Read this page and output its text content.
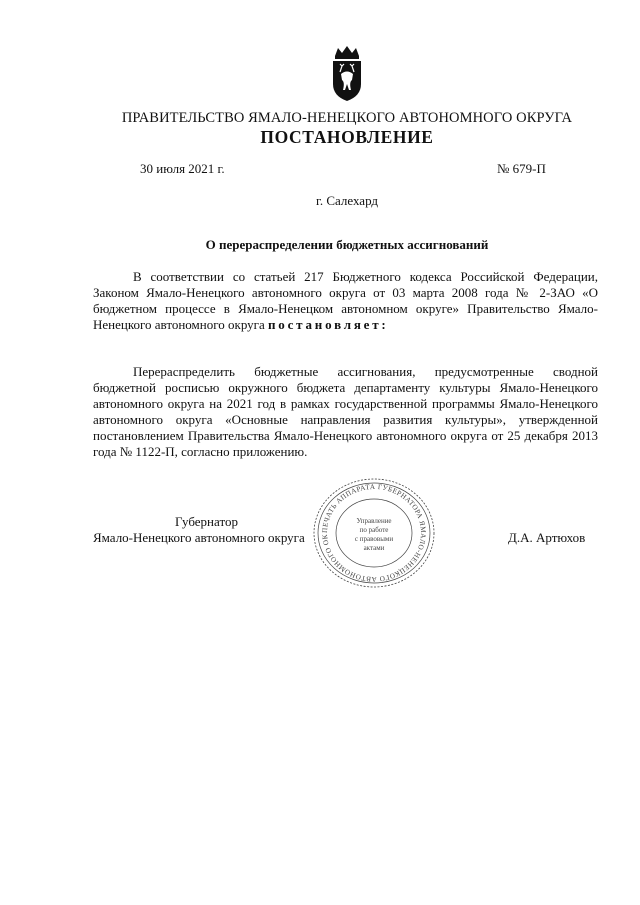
ПРАВИТЕЛЬСТВО ЯМАЛО-НЕНЕЦКОГО АВТОНОМНОГО ОКРУГА
ПОСТАНОВЛЕНИЕ
30 июля 2021 г.	№ 679-П
г. Салехард
О перераспределении бюджетных ассигнований
В соответствии со статьей 217 Бюджетного кодекса Российской Федерации, Законом Ямало-Ненецкого автономного округа от 03 марта 2008 года № 2-ЗАО «О бюджетном процессе в Ямало-Ненецком автономном округе» Правительство Ямало-Ненецкого автономного округа постановляет:
Перераспределить бюджетные ассигнования, предусмотренные сводной бюджетной росписью окружного бюджета департаменту культуры Ямало-Ненецкого автономного округа на 2021 год в рамках государственной программы Ямало-Ненецкого автономного округа «Основные направления развития культуры», утвержденной постановлением Правительства Ямало-Ненецкого автономного округа от 25 декабря 2013 года № 1122-П, согласно приложению.
Губернатор
Ямало-Ненецкого автономного округа	Д.А. Артюхов
ПЕЧАТЬ АППАРАТА ГУБЕРНАТОРА ЯМАЛО-НЕНЕЦКОГО АВТОНОМНОГО ОК
Управление
по работе
с правовыми
актами
